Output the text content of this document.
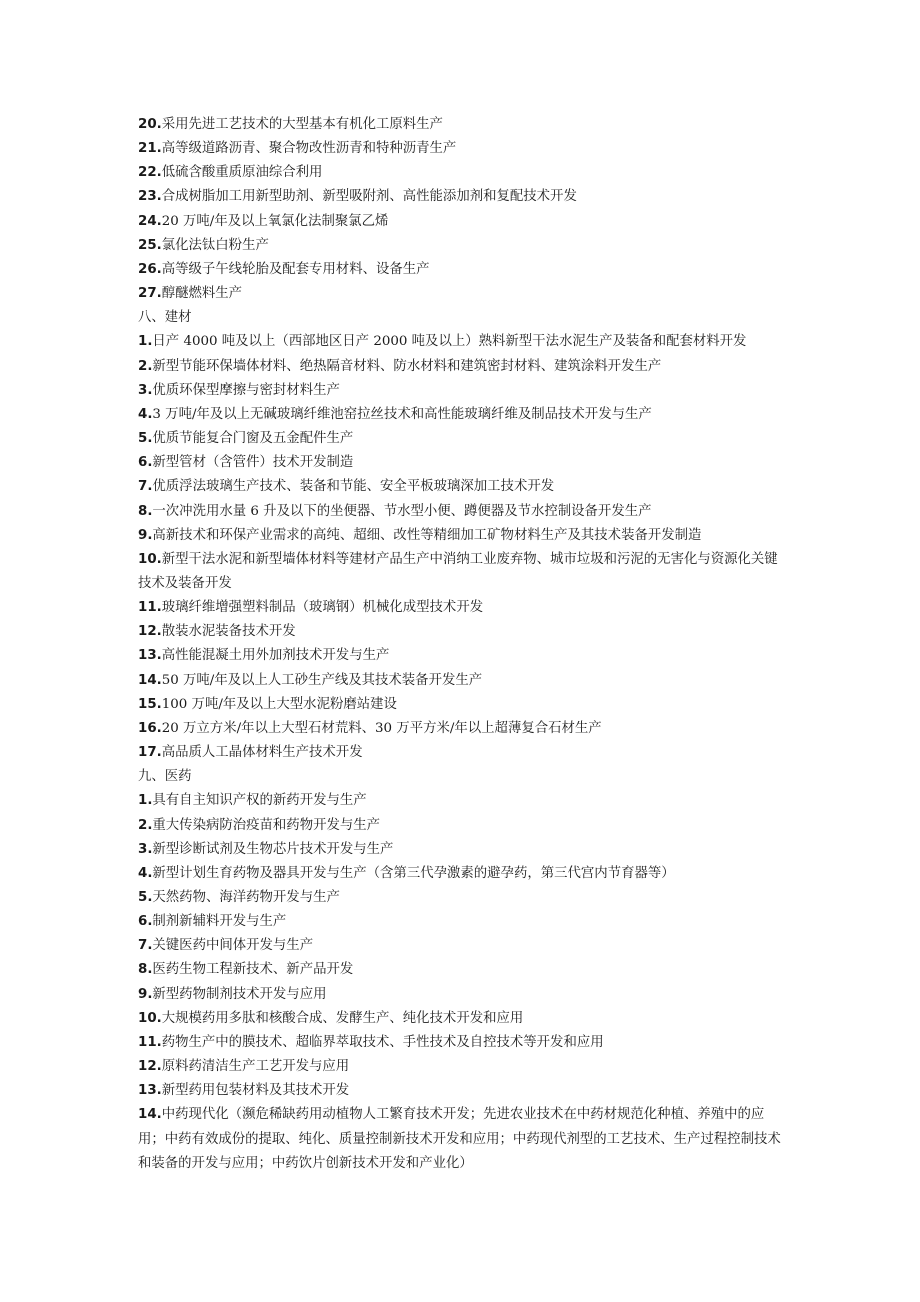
20.采用先进工艺技术的大型基本有机化工原料生产
21.高等级道路沥青、聚合物改性沥青和特种沥青生产
22.低硫含酸重质原油综合利用
23.合成树脂加工用新型助剂、新型吸附剂、高性能添加剂和复配技术开发
24.20 万吨/年及以上氧氯化法制聚氯乙烯
25.氯化法钛白粉生产
26.高等级子午线轮胎及配套专用材料、设备生产
27.醇醚燃料生产
八、建材
1.日产 4000 吨及以上（西部地区日产 2000 吨及以上）熟料新型干法水泥生产及装备和配套材料开发
2.新型节能环保墙体材料、绝热隔音材料、防水材料和建筑密封材料、建筑涂料开发生产
3.优质环保型摩擦与密封材料生产
4.3 万吨/年及以上无碱玻璃纤维池窑拉丝技术和高性能玻璃纤维及制品技术开发与生产
5.优质节能复合门窗及五金配件生产
6.新型管材（含管件）技术开发制造
7.优质浮法玻璃生产技术、装备和节能、安全平板玻璃深加工技术开发
8.一次冲洗用水量 6 升及以下的坐便器、节水型小便、蹲便器及节水控制设备开发生产
9.高新技术和环保产业需求的高纯、超细、改性等精细加工矿物材料生产及其技术装备开发制造
10.新型干法水泥和新型墙体材料等建材产品生产中消纳工业废弃物、城市垃圾和污泥的无害化与资源化关键技术及装备开发
11.玻璃纤维增强塑料制品（玻璃钢）机械化成型技术开发
12.散装水泥装备技术开发
13.高性能混凝土用外加剂技术开发与生产
14.50 万吨/年及以上人工砂生产线及其技术装备开发生产
15.100 万吨/年及以上大型水泥粉磨站建设
16.20 万立方米/年以上大型石材荒料、30 万平方米/年以上超薄复合石材生产
17.高品质人工晶体材料生产技术开发
九、医药
1.具有自主知识产权的新药开发与生产
2.重大传染病防治疫苗和药物开发与生产
3.新型诊断试剂及生物芯片技术开发与生产
4.新型计划生育药物及器具开发与生产（含第三代孕激素的避孕药，第三代宫内节育器等）
5.天然药物、海洋药物开发与生产
6.制剂新辅料开发与生产
7.关键医药中间体开发与生产
8.医药生物工程新技术、新产品开发
9.新型药物制剂技术开发与应用
10.大规模药用多肽和核酸合成、发酵生产、纯化技术开发和应用
11.药物生产中的膜技术、超临界萃取技术、手性技术及自控技术等开发和应用
12.原料药清洁生产工艺开发与应用
13.新型药用包装材料及其技术开发
14.中药现代化（濒危稀缺药用动植物人工繁育技术开发；先进农业技术在中药材规范化种植、养殖中的应用；中药有效成份的提取、纯化、质量控制新技术开发和应用；中药现代剂型的工艺技术、生产过程控制技术和装备的开发与应用；中药饮片创新技术开发和产业化）
